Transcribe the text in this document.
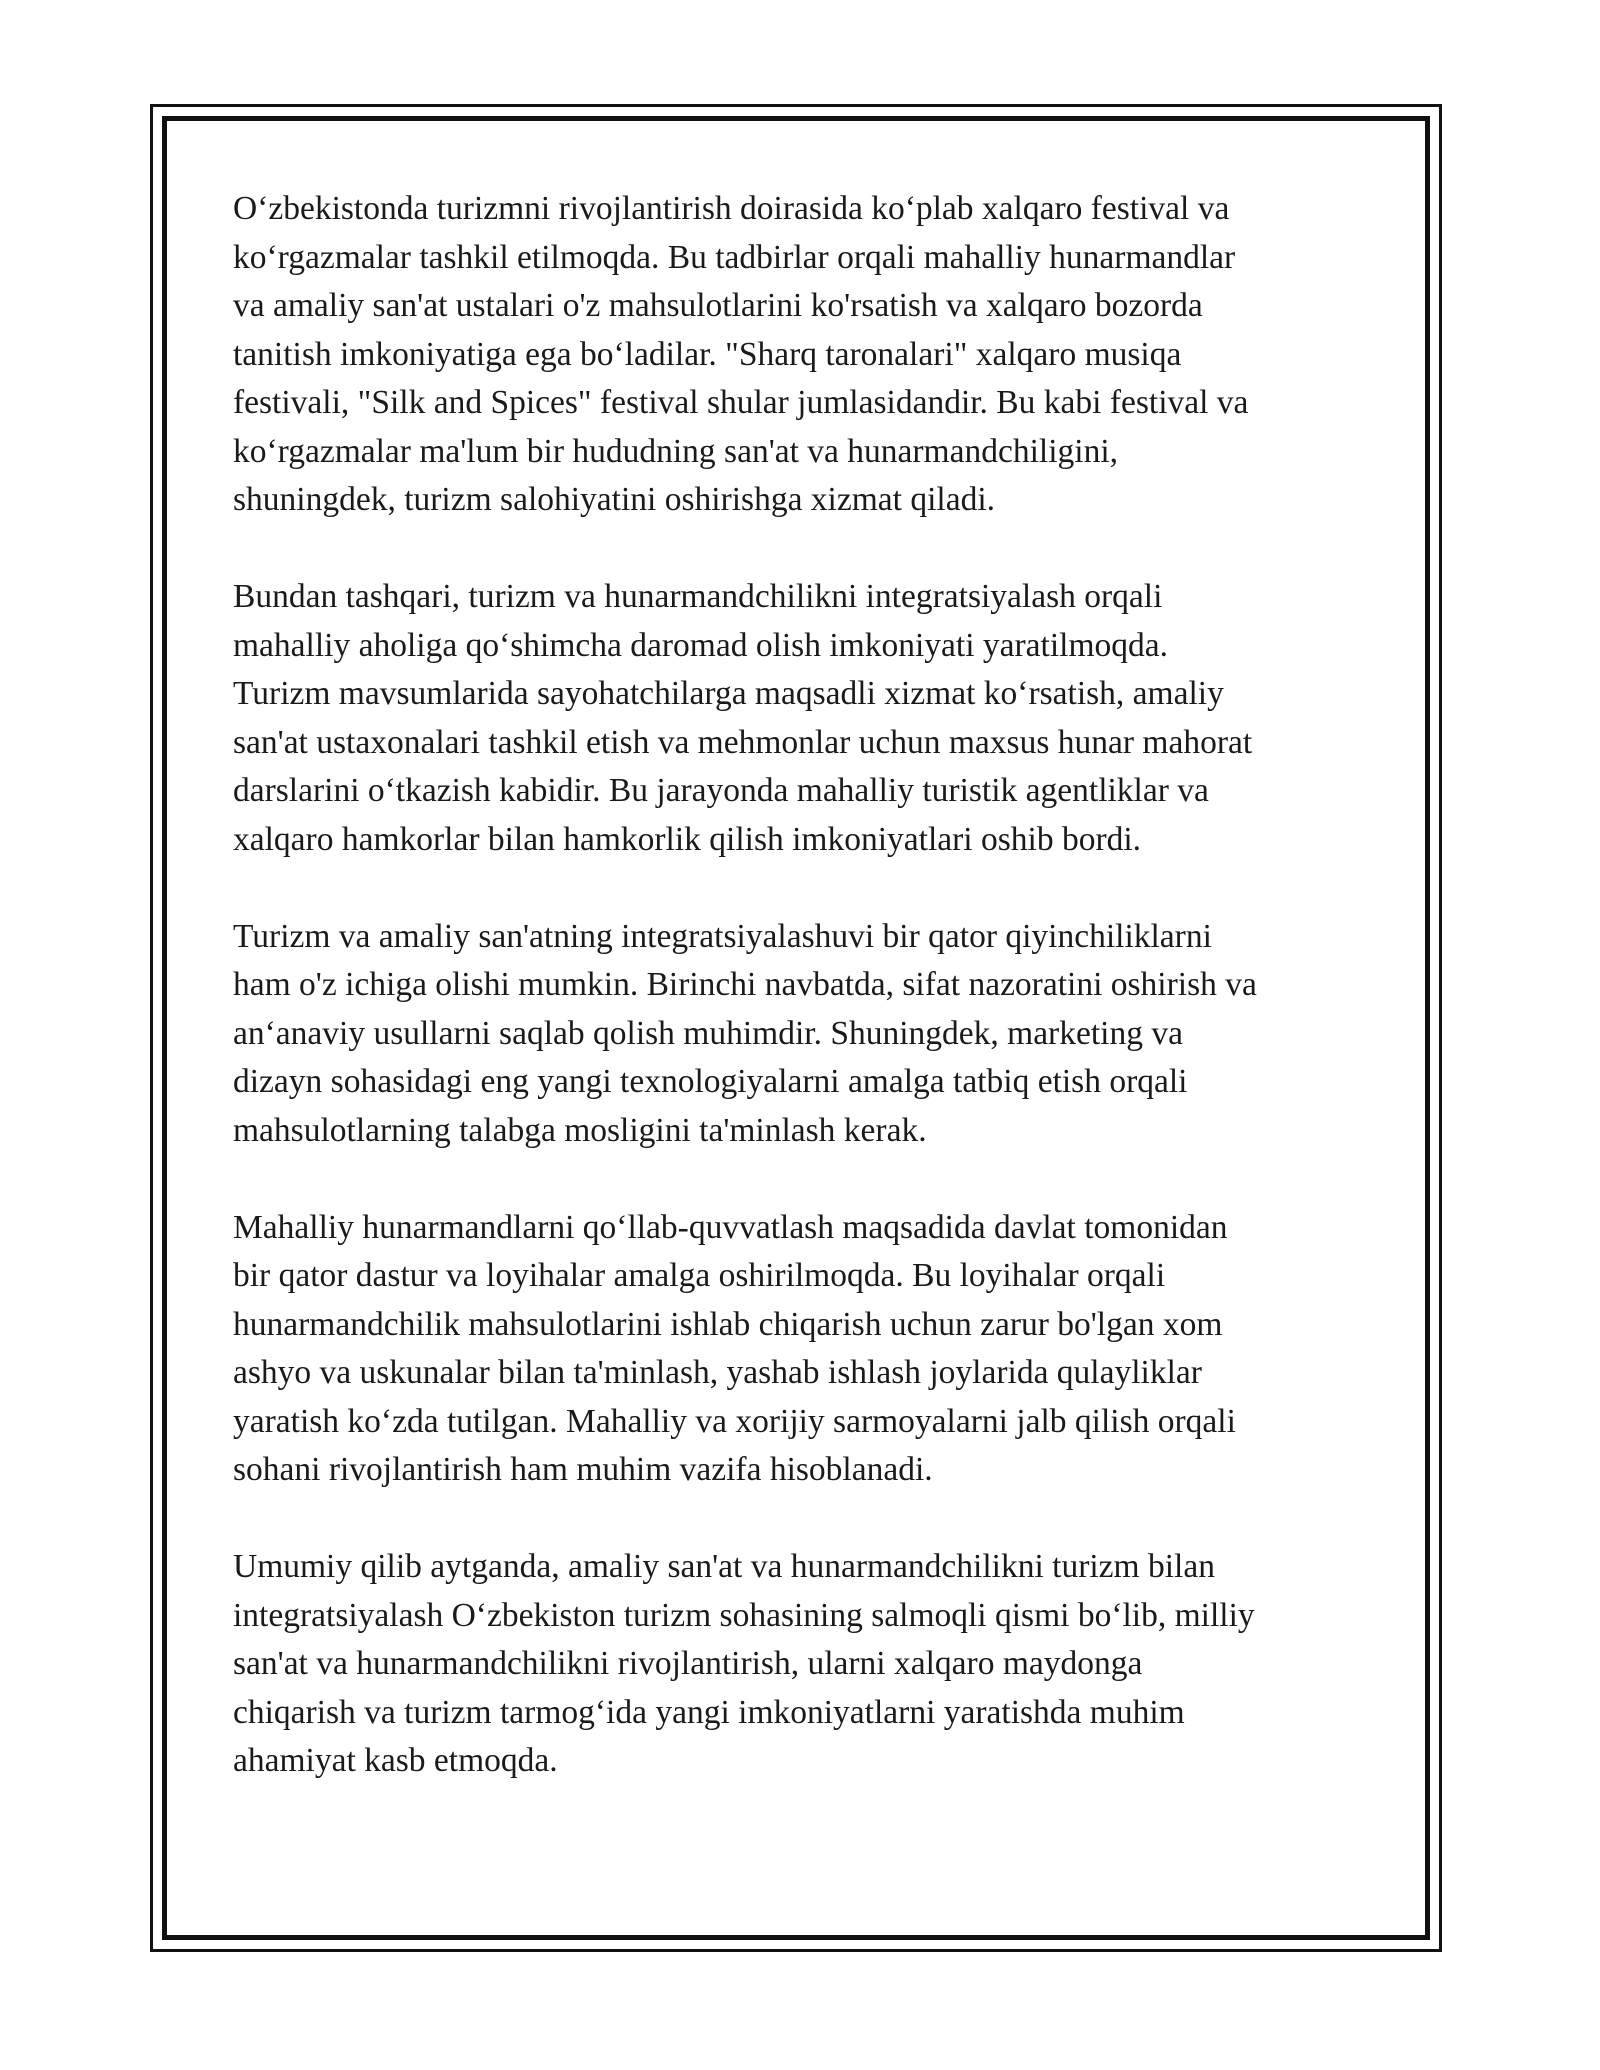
O‘zbekistonda turizmni rivojlantirish doirasida ko‘plab xalqaro festival va
ko‘rgazmalar tashkil etilmoqda. Bu tadbirlar orqali mahalliy hunarmandlar
va amaliy san'at ustalari o'z mahsulotlarini ko'rsatish va xalqaro bozorda
tanitish imkoniyatiga ega bo‘ladilar. "Sharq taronalari" xalqaro musiqa
festivali, "Silk and Spices" festival shular jumlasidandir. Bu kabi festival va
ko‘rgazmalar ma'lum bir hududning san'at va hunarmandchiligini,
shuningdek, turizm salohiyatini oshirishga xizmat qiladi.

Bundan tashqari, turizm va hunarmandchilikni integratsiyalash orqali
mahalliy aholiga qo‘shimcha daromad olish imkoniyati yaratilmoqda.
Turizm mavsumlarida sayohatchilarga maqsadli xizmat ko‘rsatish, amaliy
san'at ustaxonalari tashkil etish va mehmonlar uchun maxsus hunar mahorat
darslarini o‘tkazish kabidir. Bu jarayonda mahalliy turistik agentliklar va
xalqaro hamkorlar bilan hamkorlik qilish imkoniyatlari oshib bordi.

Turizm va amaliy san'atning integratsiyalashuvi bir qator qiyinchiliklarni
ham o'z ichiga olishi mumkin. Birinchi navbatda, sifat nazoratini oshirish va
an‘anaviy usullarni saqlab qolish muhimdir. Shuningdek, marketing va
dizayn sohasidagi eng yangi texnologiyalarni amalga tatbiq etish orqali
mahsulotlarning talabga mosligini ta'minlash kerak.

Mahalliy hunarmandlarni qo‘llab-quvvatlash maqsadida davlat tomonidan
bir qator dastur va loyihalar amalga oshirilmoqda. Bu loyihalar orqali
hunarmandchilik mahsulotlarini ishlab chiqarish uchun zarur bo'lgan xom
ashyo va uskunalar bilan ta'minlash, yashab ishlash joylarida qulayliklar
yaratish ko‘zda tutilgan. Mahalliy va xorijiy sarmoyalarni jalb qilish orqali
sohani rivojlantirish ham muhim vazifa hisoblanadi.

Umumiy qilib aytganda, amaliy san'at va hunarmandchilikni turizm bilan
integratsiyalash O‘zbekiston turizm sohasining salmoqli qismi bo‘lib, milliy
san'at va hunarmandchilikni rivojlantirish, ularni xalqaro maydonga
chiqarish va turizm tarmog‘ida yangi imkoniyatlarni yaratishda muhim
ahamiyat kasb etmoqda.
